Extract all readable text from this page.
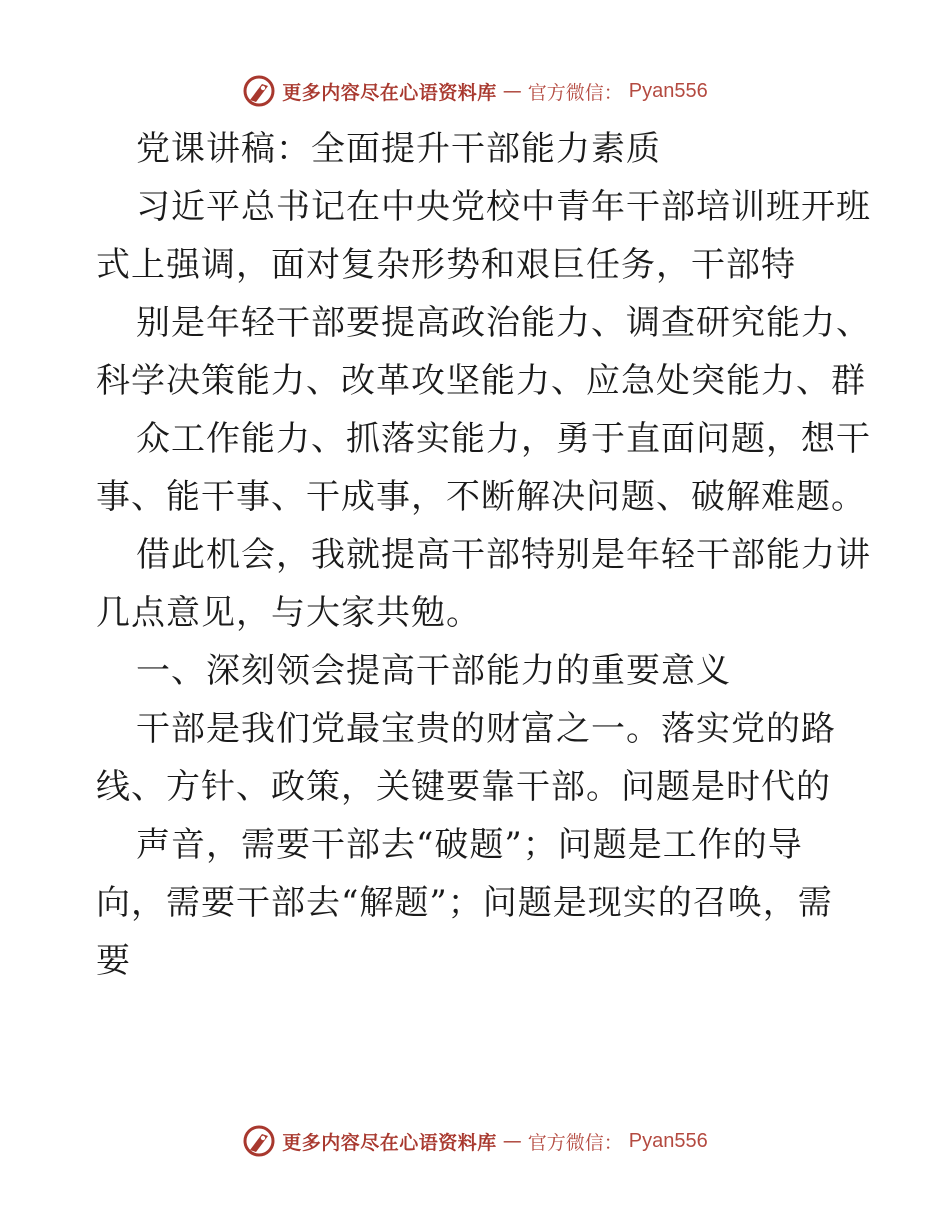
更多内容尽在心语资料库 — 官方微信： Pyan556
党课讲稿：全面提升干部能力素质
习近平总书记在中央党校中青年干部培训班开班
式上强调，面对复杂形势和艰巨任务，干部特
别是年轻干部要提高政治能力、调查研究能力、
科学决策能力、改革攻坚能力、应急处突能力、群
众工作能力、抓落实能力，勇于直面问题，想干
事、能干事、干成事，不断解决问题、破解难题。
借此机会，我就提高干部特别是年轻干部能力讲
几点意见，与大家共勉。
一、深刻领会提高干部能力的重要意义
干部是我们党最宝贵的财富之一。落实党的路
线、方针、政策，关键要靠干部。问题是时代的
声音，需要干部去“破题”；问题是工作的导
向，需要干部去“解题”；问题是现实的召唤，需
要
更多内容尽在心语资料库 — 官方微信： Pyan556
